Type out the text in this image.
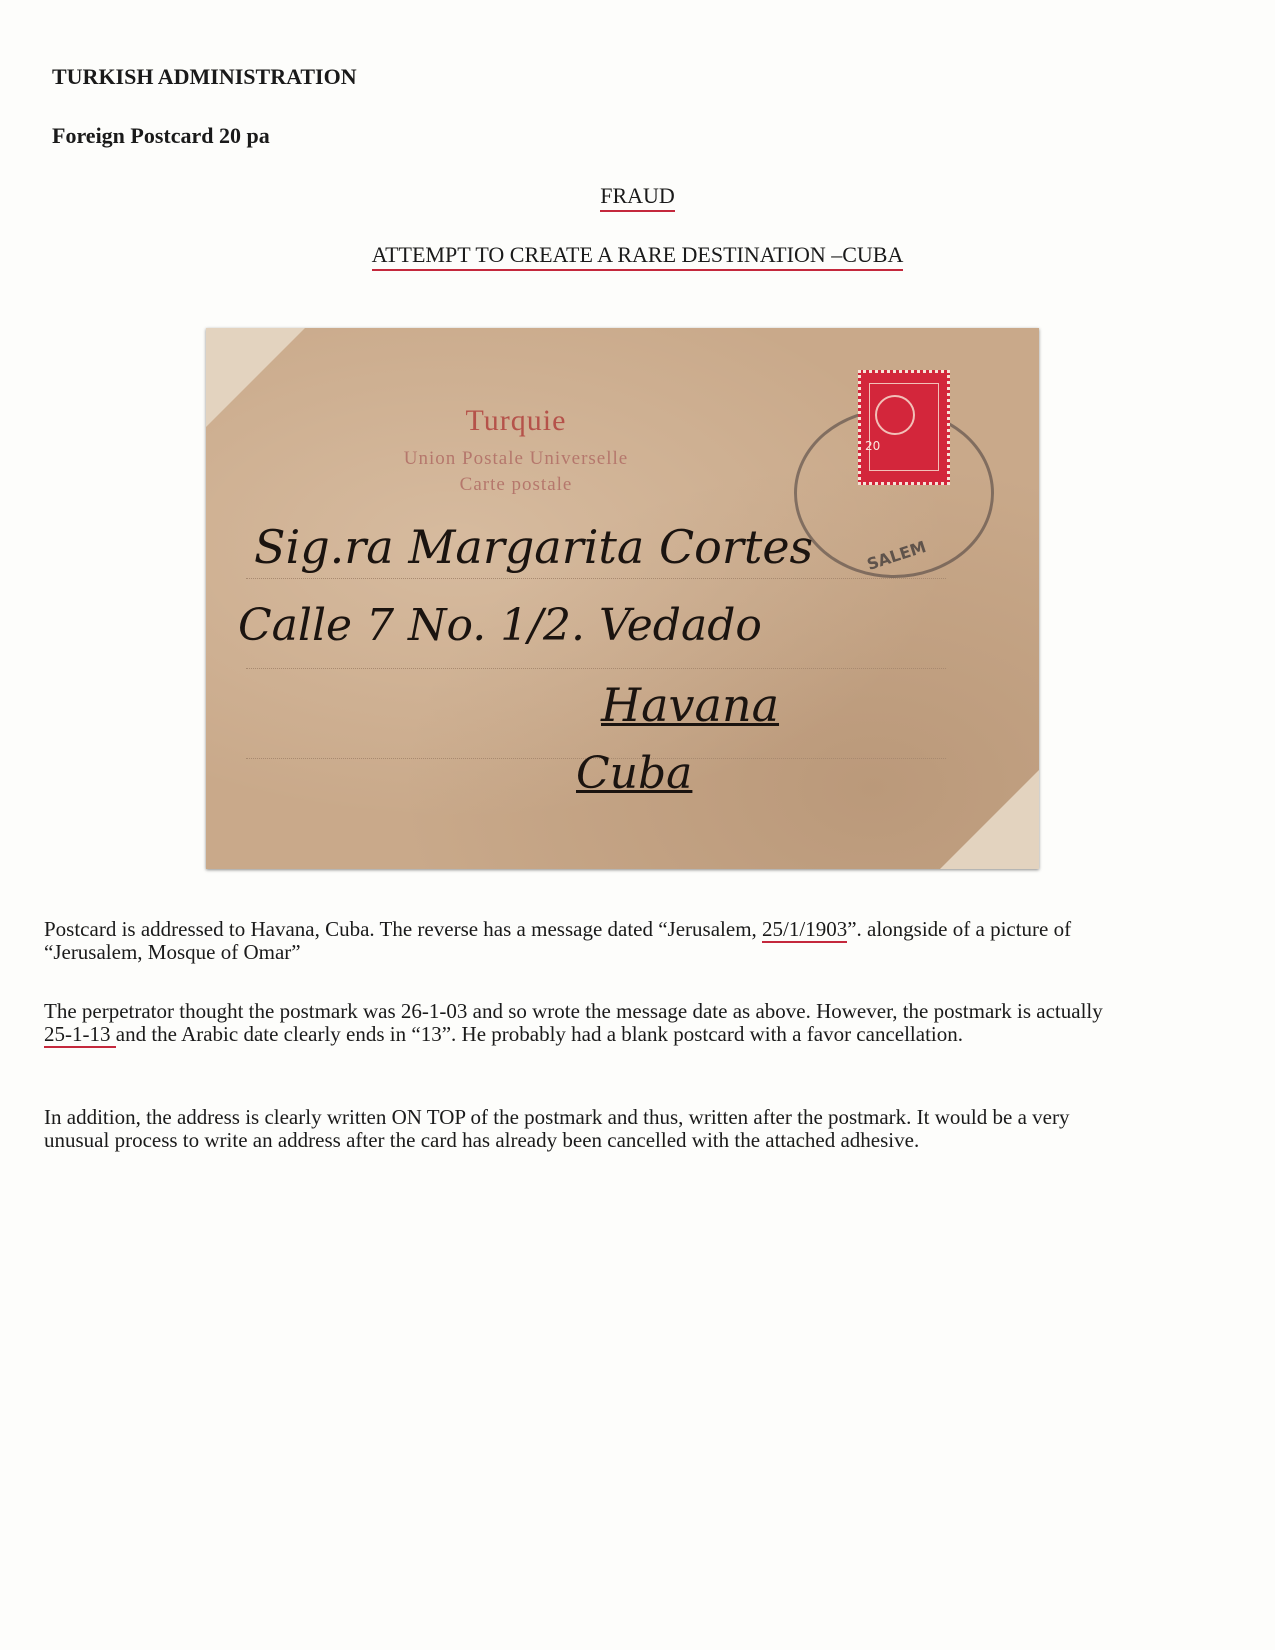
TURKISH ADMINISTRATION
Foreign Postcard 20 pa
FRAUD
ATTEMPT TO CREATE A RARE DESTINATION –CUBA
Turquie
Union Postale Universelle
Carte postale
20
SALEM
Sig.ra Margarita Cortes
Calle 7 No. 1/2. Vedado
Havana
Cuba
Postcard is addressed to Havana, Cuba. The reverse has a message dated “Jerusalem, 25/1/1903”. alongside of a picture of “Jerusalem, Mosque of Omar”
The perpetrator thought the postmark was 26-1-03 and so wrote the message date as above. However, the postmark is actually 25-1-13 and the Arabic date clearly ends in “13”. He probably had a blank postcard with a favor cancellation.
In addition, the address is clearly written ON TOP of the postmark and thus, written after the postmark. It would be a very unusual process to write an address after the card has already been cancelled with the attached adhesive.
